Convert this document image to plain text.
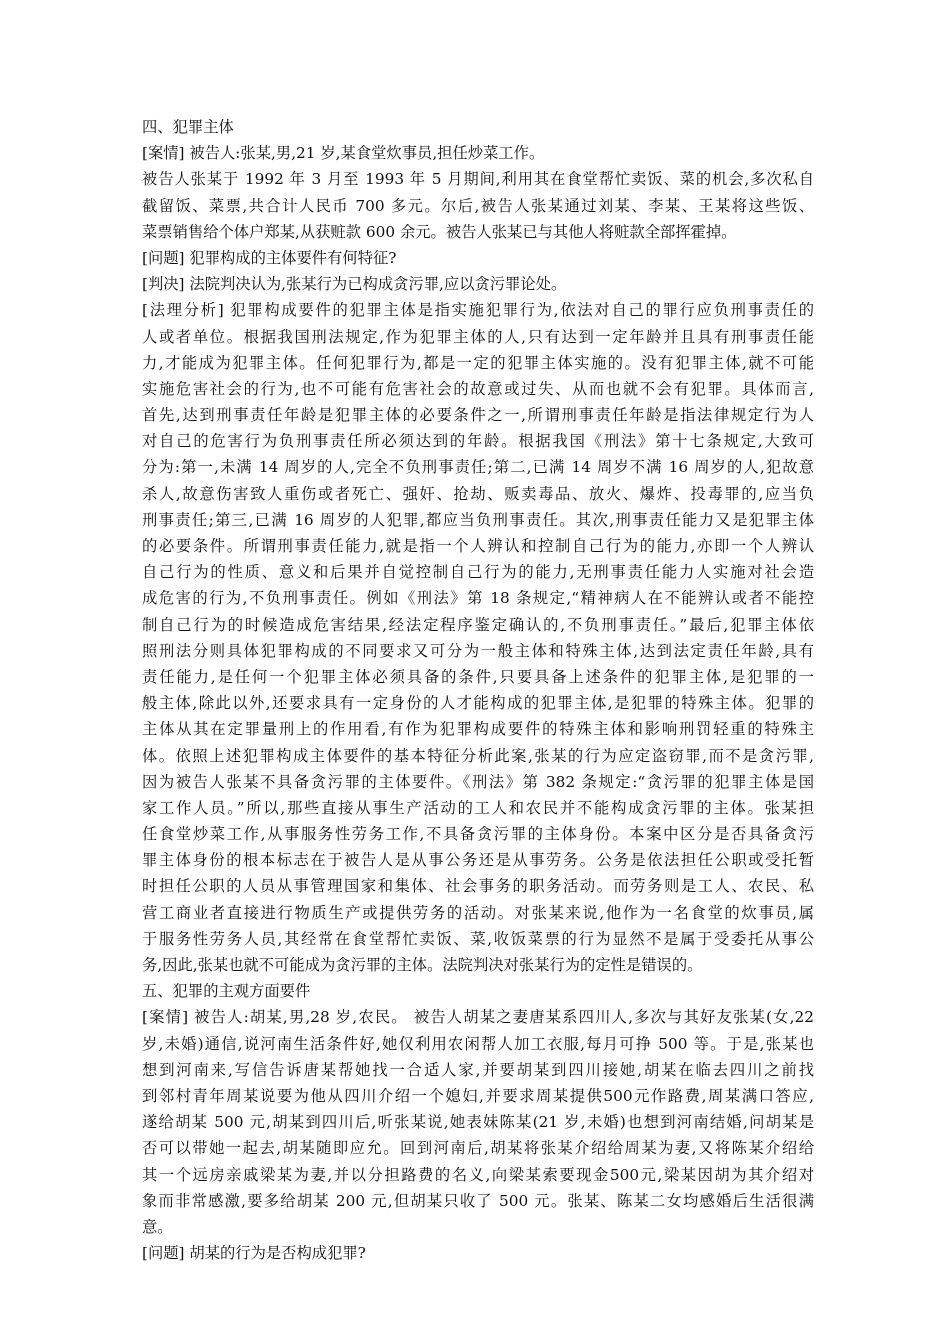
四、犯罪主体
[案情] 被告人:张某,男,21 岁,某食堂炊事员,担任炒菜工作。
被告人张某于 1992 年 3 月至 1993 年 5 月期间,利用其在食堂帮忙卖饭、菜的机会,多次私自
截留饭、菜票,共合计人民币 700 多元。尔后,被告人张某通过刘某、李某、王某将这些饭、
菜票销售给个体户郑某,从获赃款 600 余元。被告人张某已与其他人将赃款全部挥霍掉。
[问题] 犯罪构成的主体要件有何特征?
[判决] 法院判决认为,张某行为已构成贪污罪,应以贪污罪论处。
[法理分析] 犯罪构成要件的犯罪主体是指实施犯罪行为,依法对自己的罪行应负刑事责任的
人或者单位。根据我国刑法规定,作为犯罪主体的人,只有达到一定年龄并且具有刑事责任能
力,才能成为犯罪主体。任何犯罪行为,都是一定的犯罪主体实施的。没有犯罪主体,就不可能
实施危害社会的行为,也不可能有危害社会的故意或过失、从而也就不会有犯罪。具体而言,
首先,达到刑事责任年龄是犯罪主体的必要条件之一,所谓刑事责任年龄是指法律规定行为人
对自己的危害行为负刑事责任所必须达到的年龄。根据我国《刑法》第十七条规定,大致可
分为:第一,未满 14 周岁的人,完全不负刑事责任;第二,已满 14 周岁不满 16 周岁的人,犯故意
杀人,故意伤害致人重伤或者死亡、强奸、抢劫、贩卖毒品、放火、爆炸、投毒罪的,应当负
刑事责任;第三,已满 16 周岁的人犯罪,都应当负刑事责任。其次,刑事责任能力又是犯罪主体
的必要条件。所谓刑事责任能力,就是指一个人辨认和控制自己行为的能力,亦即一个人辨认
自己行为的性质、意义和后果并自觉控制自己行为的能力,无刑事责任能力人实施对社会造
成危害的行为,不负刑事责任。例如《刑法》第 18 条规定,“精神病人在不能辨认或者不能控
制自己行为的时候造成危害结果,经法定程序鉴定确认的,不负刑事责任。”最后,犯罪主体依
照刑法分则具体犯罪构成的不同要求又可分为一般主体和特殊主体,达到法定责任年龄,具有
责任能力,是任何一个犯罪主体必须具备的条件,只要具备上述条件的犯罪主体,是犯罪的一
般主体,除此以外,还要求具有一定身份的人才能构成的犯罪主体,是犯罪的特殊主体。犯罪的
主体从其在定罪量刑上的作用看,有作为犯罪构成要件的特殊主体和影响刑罚轻重的特殊主
体。依照上述犯罪构成主体要件的基本特征分析此案,张某的行为应定盗窃罪,而不是贪污罪,
因为被告人张某不具备贪污罪的主体要件。《刑法》第 382 条规定:“贪污罪的犯罪主体是国
家工作人员。”所以,那些直接从事生产活动的工人和农民并不能构成贪污罪的主体。张某担
任食堂炒菜工作,从事服务性劳务工作,不具备贪污罪的主体身份。本案中区分是否具备贪污
罪主体身份的根本标志在于被告人是从事公务还是从事劳务。公务是依法担任公职或受托暂
时担任公职的人员从事管理国家和集体、社会事务的职务活动。而劳务则是工人、农民、私
营工商业者直接进行物质生产或提供劳务的活动。对张某来说,他作为一名食堂的炊事员,属
于服务性劳务人员,其经常在食堂帮忙卖饭、菜,收饭菜票的行为显然不是属于受委托从事公
务,因此,张某也就不可能成为贪污罪的主体。法院判决对张某行为的定性是错误的。
五、犯罪的主观方面要件
[案情] 被告人:胡某,男,28 岁,农民。 被告人胡某之妻唐某系四川人,多次与其好友张某(女,22
岁,未婚)通信,说河南生活条件好,她仅利用农闲帮人加工衣服,每月可挣 500 等。于是,张某也
想到河南来,写信告诉唐某帮她找一合适人家,并要胡某到四川接她,胡某在临去四川之前找
到邻村青年周某说要为他从四川介绍一个媳妇,并要求周某提供500元作路费,周某满口答应,
遂给胡某 500 元,胡某到四川后,听张某说,她表妹陈某(21 岁,未婚)也想到河南结婚,问胡某是
否可以带她一起去,胡某随即应允。回到河南后,胡某将张某介绍给周某为妻,又将陈某介绍给
其一个远房亲戚梁某为妻,并以分担路费的名义,向梁某索要现金500元,梁某因胡为其介绍对
象而非常感激,要多给胡某 200 元,但胡某只收了 500 元。张某、陈某二女均感婚后生活很满
意。
[问题] 胡某的行为是否构成犯罪?
